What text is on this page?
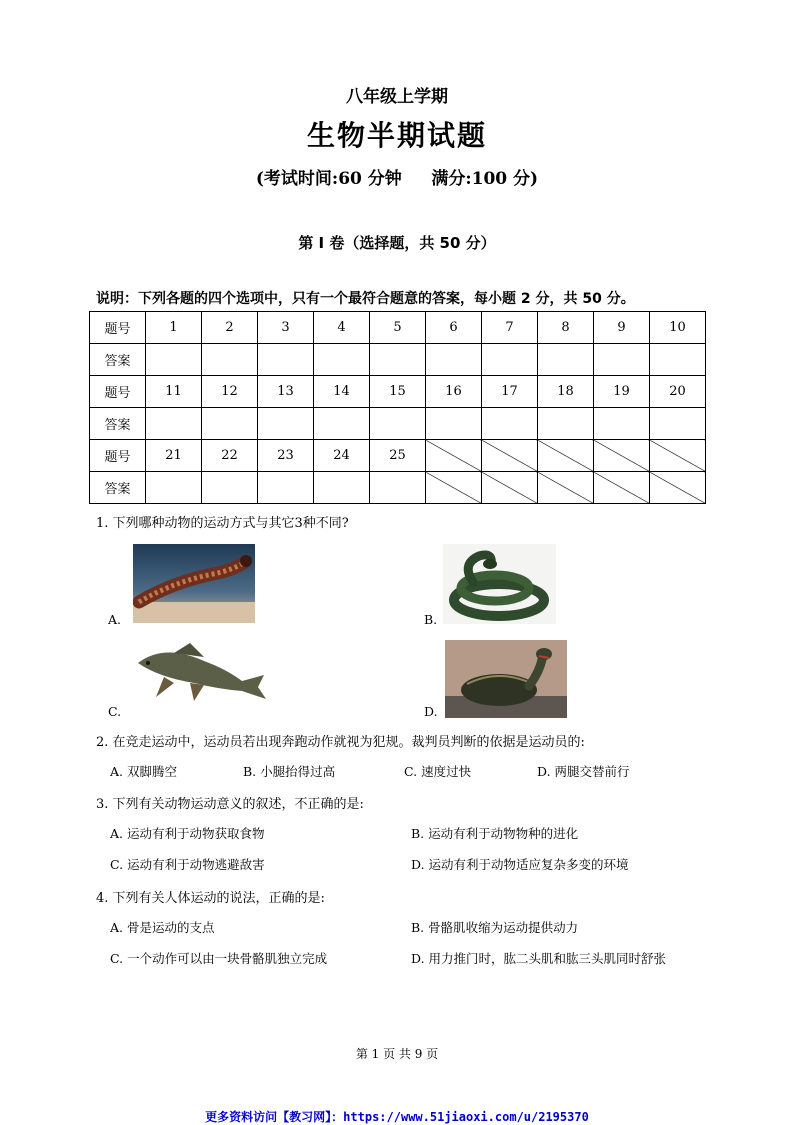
八年级上学期
生物半期试题
(考试时间:60 分钟     满分:100 分)
第 I 卷（选择题，共 50 分）
说明：下列各题的四个选项中，只有一个最符合题意的答案，每小题 2 分，共 50 分。
题号	1	2	3	4	5	6	7	8	9	10
答案										
题号	11	12	13	14	15	16	17	18	19	20
答案										
题号	21	22	23	24	25					
答案										
1. 下列哪种动物的运动方式与其它3种不同?
A.	B.
C.	D.
2. 在竞走运动中，运动员若出现奔跑动作就视为犯规。裁判员判断的依据是运动员的:
A. 双脚腾空	B. 小腿抬得过高	C. 速度过快	D. 两腿交替前行
3. 下列有关动物运动意义的叙述，不正确的是:
A. 运动有利于动物获取食物	B. 运动有利于动物物种的进化
C. 运动有利于动物逃避敌害	D. 运动有利于动物适应复杂多变的环境
4. 下列有关人体运动的说法，正确的是:
A. 骨是运动的支点	B. 骨骼肌收缩为运动提供动力
C. 一个动作可以由一块骨骼肌独立完成	D. 用力推门时，肱二头肌和肱三头肌同时舒张
第 1 页 共 9 页
更多资料访问【教习网】：https://www.51jiaoxi.com/u/2195370
